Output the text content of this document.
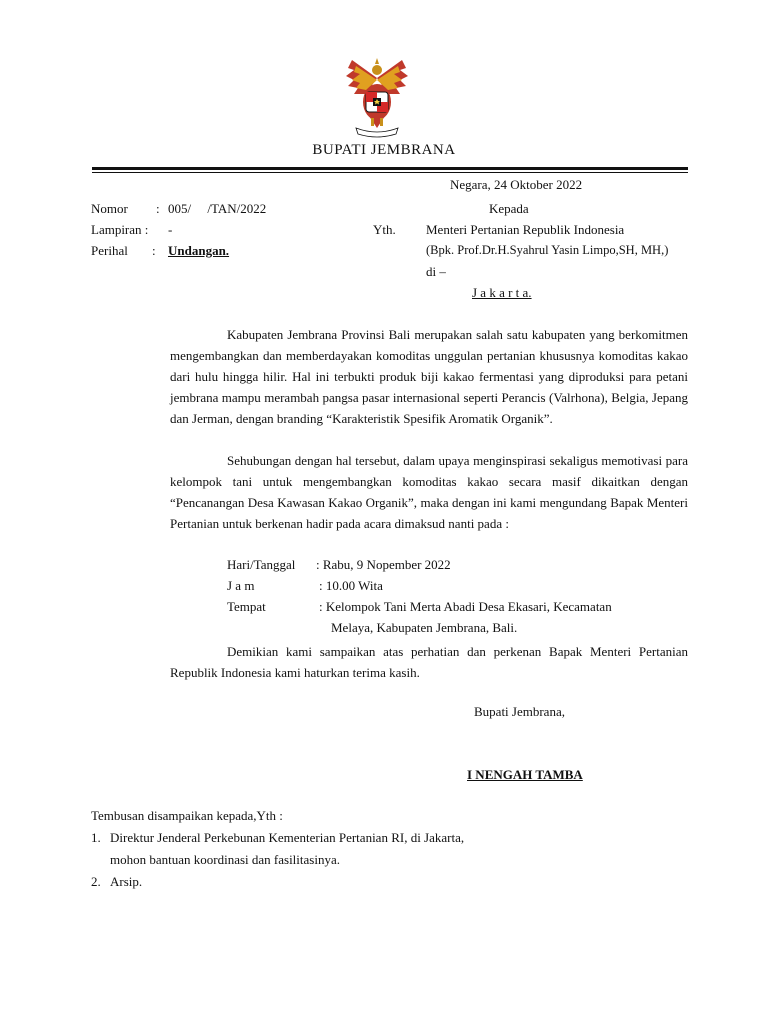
BUPATI JEMBRANA
Negara, 24 Oktober 2022
Nomor : 005/     /TAN/2022
Lampiran : -
Perihal : Undangan.
Kepada
Yth. Menteri Pertanian Republik Indonesia
(Bpk. Prof.Dr.H.Syahrul Yasin Limpo,SH, MH,)
di –
J a k a r t a.

Kabupaten Jembrana Provinsi Bali merupakan salah satu kabupaten yang berkomitmen mengembangkan dan memberdayakan komoditas unggulan pertanian khususnya komoditas kakao dari hulu hingga hilir. Hal ini terbukti produk biji kakao fermentasi yang diproduksi para petani jembrana mampu merambah pangsa pasar internasional seperti Perancis (Valrhona), Belgia, Jepang dan Jerman, dengan branding “Karakteristik Spesifik Aromatik Organik”.

Sehubungan dengan hal tersebut, dalam upaya menginspirasi sekaligus memotivasi para kelompok tani untuk mengembangkan komoditas kakao secara masif dikaitkan dengan “Pencanangan Desa Kawasan Kakao Organik”, maka dengan ini kami mengundang Bapak Menteri Pertanian untuk berkenan hadir pada acara dimaksud nanti pada :

Hari/Tanggal : Rabu, 9 Nopember 2022
J a m	: 10.00 Wita
Tempat	: Kelompok Tani Merta Abadi Desa Ekasari, Kecamatan
Melaya, Kabupaten Jembrana, Bali.

Demikian kami sampaikan atas perhatian dan perkenan Bapak Menteri Pertanian Republik Indonesia kami haturkan terima kasih.

Bupati Jembrana,
I NENGAH TAMBA
Tembusan disampaikan kepada,Yth :
1. Direktur Jenderal Perkebunan Kementerian Pertanian RI, di Jakarta,
mohon bantuan koordinasi dan fasilitasinya.
2. Arsip.
